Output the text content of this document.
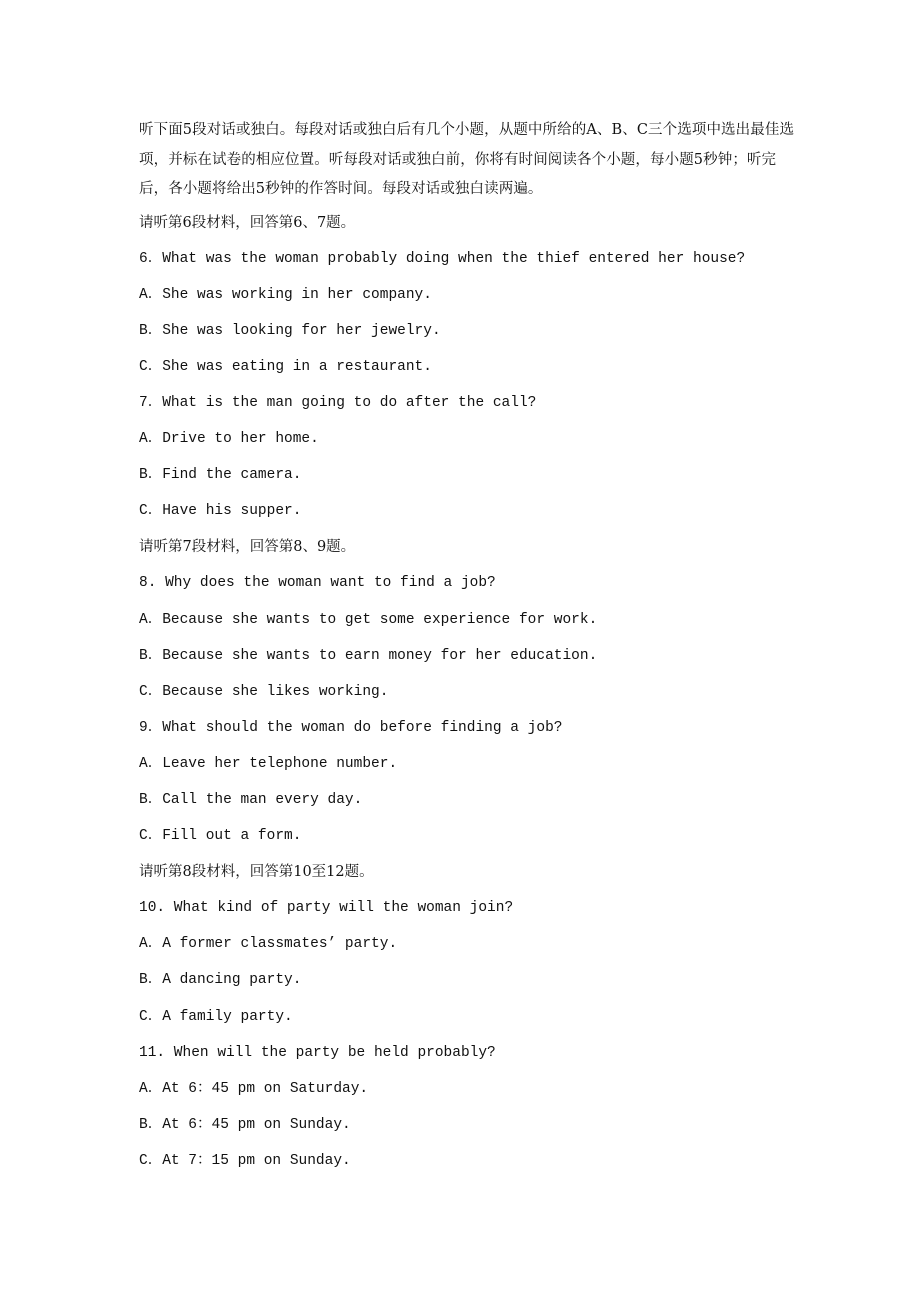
听下面5段对话或独白。每段对话或独白后有几个小题，从题中所给的A、B、C三个选项中选出最佳选项，并标在试卷的相应位置。听每段对话或独白前，你将有时间阅读各个小题，每小题5秒钟；听完后，各小题将给出5秒钟的作答时间。每段对话或独白读两遍。

请听第6段材料，回答第6、7题。
6．What was the woman probably doing when the thief entered her house?
A．She was working in her company.
B．She was looking for her jewelry.
C．She was eating in a restaurant.
7．What is the man going to do after the call?
A．Drive to her home.
B．Find the camera.
C．Have his supper.
请听第7段材料，回答第8、9题。
8. Why does the woman want to find a job?
A．Because she wants to get some experience for work.
B．Because she wants to earn money for her education.
C．Because she likes working.
9．What should the woman do before finding a job?
A．Leave her telephone number.
B．Call the man every day.
C．Fill out a form.
请听第8段材料，回答第10至12题。
10. What kind of party will the woman join?
A．A former classmates’ party.
B．A dancing party.
C．A family party.
11. When will the party be held probably?
A．At 6：45 pm on Saturday.
B．At 6：45 pm on Sunday.
C．At 7：15 pm on Sunday.
